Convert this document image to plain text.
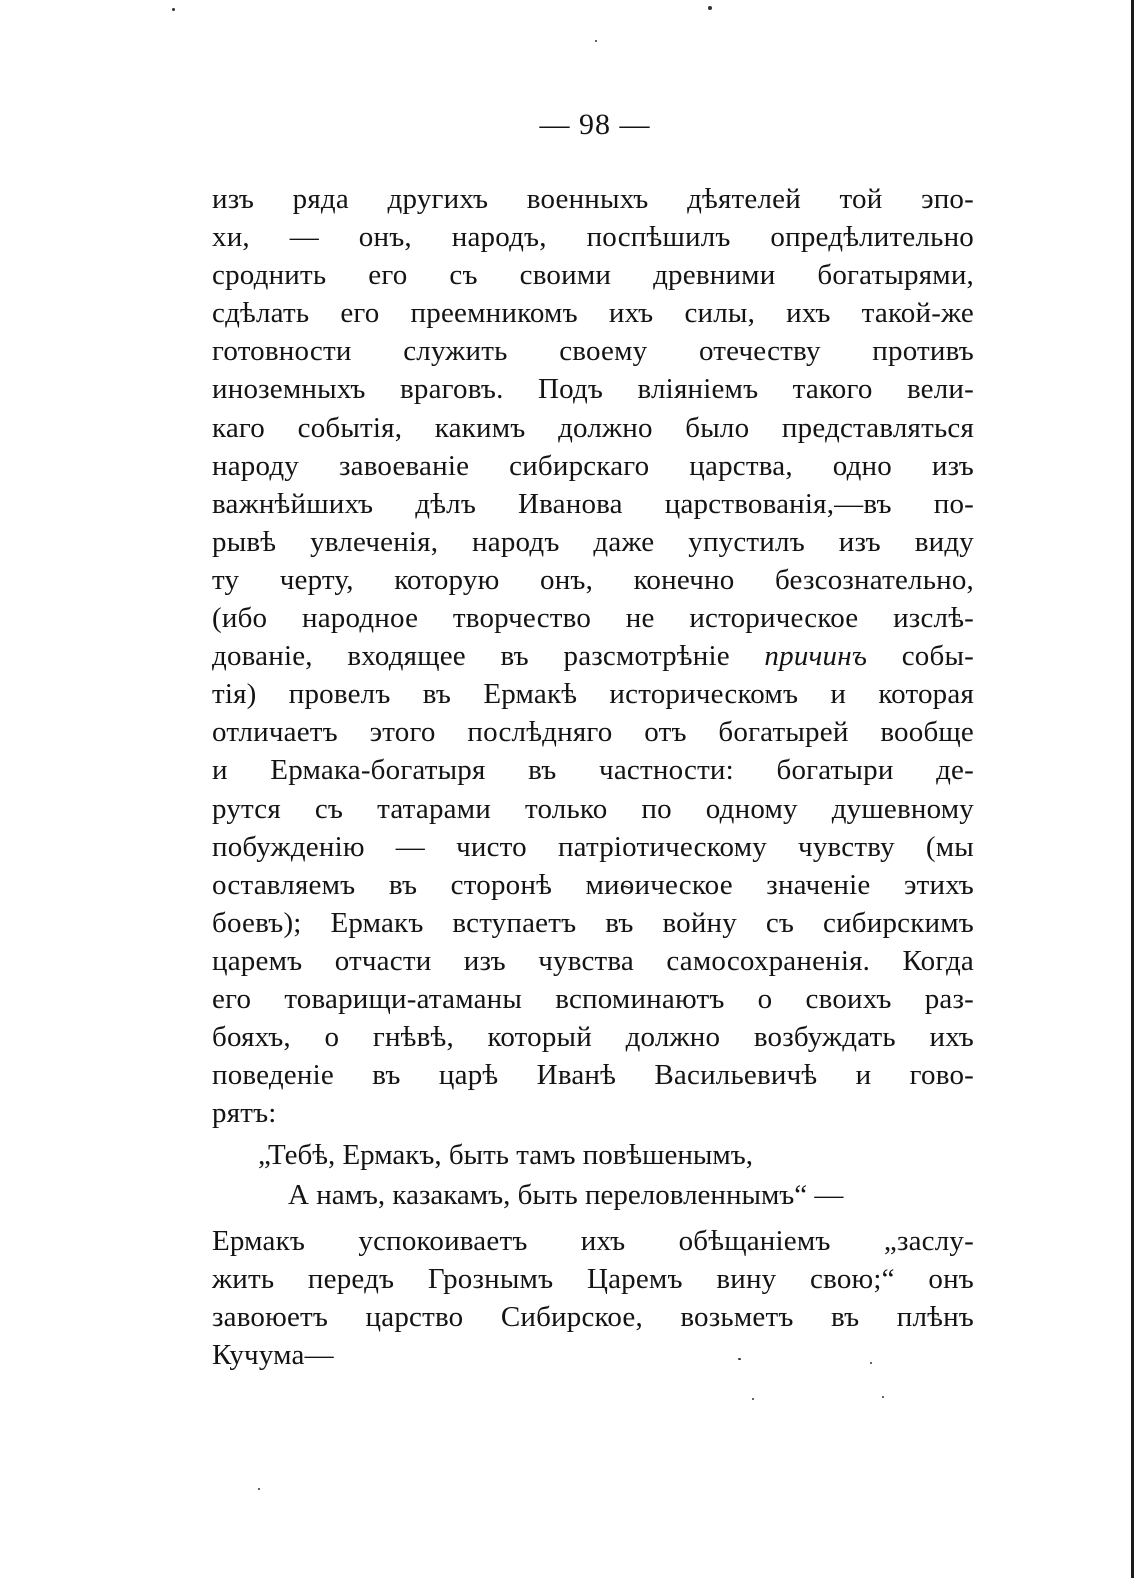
— 98 —
изъ ряда другихъ военныхъ дѣятелей той эпо-
хи, — онъ, народъ, поспѣшилъ опредѣлительно
сроднить его съ своими древними богатырями,
сдѣлать его преемникомъ ихъ силы, ихъ такой-же
готовности служить своему отечеству противъ
иноземныхъ враговъ. Подъ вліяніемъ такого вели-
каго событія, какимъ должно было представляться
народу завоеваніе сибирскаго царства, одно изъ
важнѣйшихъ дѣлъ Иванова царствованія,—въ по-
рывѣ увлеченія, народъ даже упустилъ изъ виду
ту черту, которую онъ, конечно безсознательно,
(ибо народное творчество не историческое изслѣ-
дованіе, входящее въ разсмотрѣніе причинъ собы-
тія) провелъ въ Ермакѣ историческомъ и которая
отличаетъ этого послѣдняго отъ богатырей вообще
и Ермака-богатыря въ частности: богатыри де-
рутся съ татарами только по одному душевному
побужденію — чисто патріотическому чувству (мы
оставляемъ въ сторонѣ миѳическое значеніе этихъ
боевъ); Ермакъ вступаетъ въ войну съ сибирскимъ
царемъ отчасти изъ чувства самосохраненія. Когда
его товарищи-атаманы вспоминаютъ о своихъ раз-
бояхъ, о гнѣвѣ, который должно возбуждать ихъ
поведеніе въ царѣ Иванѣ Васильевичѣ и гово-
рятъ:
„Тебѣ, Ермакъ, быть тамъ повѣшенымъ,
А намъ, казакамъ, быть переловленнымъ“ —
Ермакъ успокоиваетъ ихъ обѣщаніемъ „заслу-
жить передъ Грознымъ Царемъ вину свою;“ онъ
завоюетъ царство Сибирское, возьметъ въ плѣнъ
Кучума—
